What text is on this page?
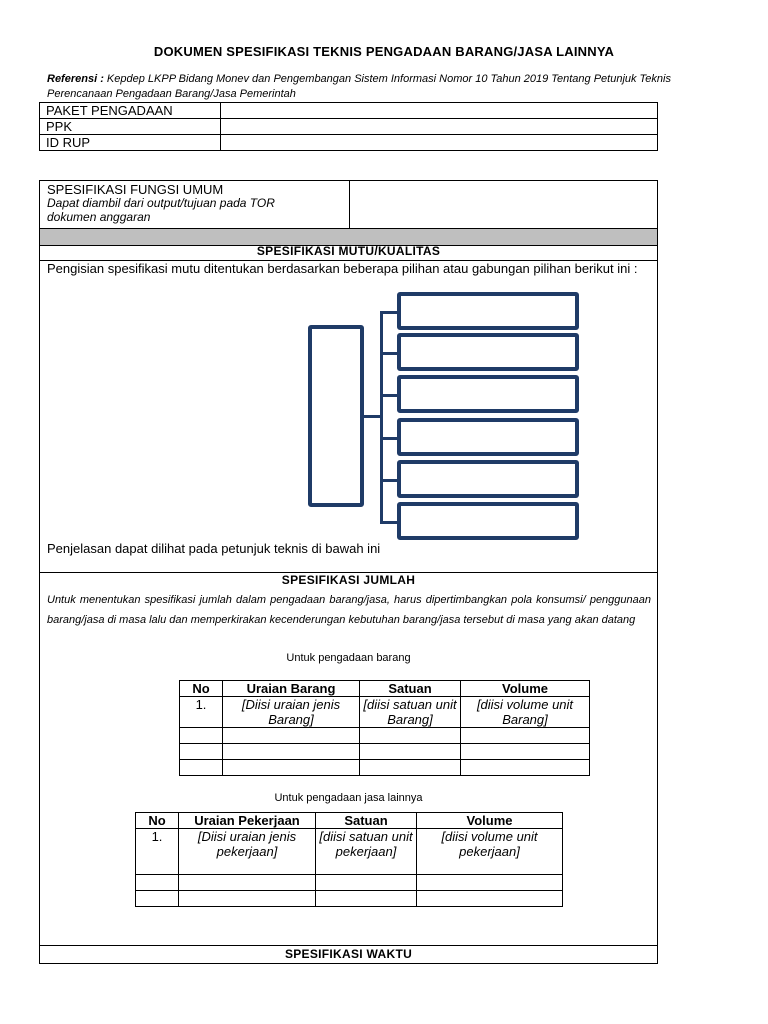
DOKUMEN SPESIFIKASI TEKNIS PENGADAAN BARANG/JASA LAINNYA
Referensi : Kepdep LKPP Bidang Monev dan Pengembangan Sistem Informasi Nomor 10 Tahun 2019 Tentang Petunjuk Teknis Perencanaan Pengadaan Barang/Jasa Pemerintah
PAKET PENGADAAN	
PPK	
ID RUP	
SPESIFIKASI FUNGSI UMUM
Dapat diambil dari output/tujuan pada TOR dokumen anggaran
SPESIFIKASI MUTU/KUALITAS
Pengisian spesifikasi mutu ditentukan berdasarkan beberapa pilihan atau gabungan pilihan berikut ini :
Penjelasan dapat dilihat pada petunjuk teknis di bawah ini
SPESIFIKASI JUMLAH
Untuk menentukan spesifikasi jumlah dalam pengadaan barang/jasa, harus dipertimbangkan pola konsumsi/ penggunaan barang/jasa di masa lalu dan memperkirakan kecenderungan kebutuhan barang/jasa tersebut di masa yang akan datang
Untuk pengadaan barang
No	Uraian Barang	Satuan	Volume
1.	[Diisi uraian jenis Barang]	[diisi satuan unit Barang]	[diisi volume unit Barang]

Untuk pengadaan jasa lainnya
No	Uraian Pekerjaan	Satuan	Volume
1.	[Diisi uraian jenis pekerjaan]	[diisi satuan unit pekerjaan]	[diisi volume unit pekerjaan]

SPESIFIKASI WAKTU
